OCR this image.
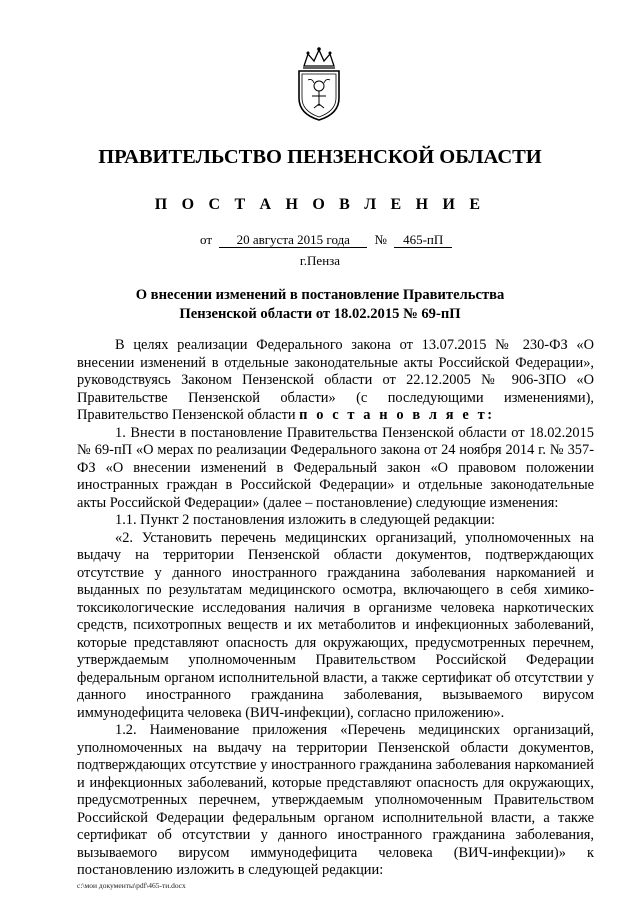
ПРАВИТЕЛЬСТВО ПЕНЗЕНСКОЙ ОБЛАСТИ
П О С Т А Н О В Л Е Н И Е
от 20 августа 2015 года № 465-пП
г.Пенза
О внесении изменений в постановление Правительства
Пензенской области от 18.02.2015 № 69-пП

В целях реализации Федерального закона от 13.07.2015 № 230-ФЗ «О внесении изменений в отдельные законодательные акты Российской Федерации», руководствуясь Законом Пензенской области от 22.12.2005 № 906-ЗПО «О Правительстве Пензенской области» (с последующими изменениями), Правительство Пензенской области п о с т а н о в л я е т:

1. Внести в постановление Правительства Пензенской области от 18.02.2015 № 69-пП «О мерах по реализации Федерального закона от 24 ноября 2014 г. № 357-ФЗ «О внесении изменений в Федеральный закон «О правовом положении иностранных граждан в Российской Федерации» и отдельные законодательные акты Российской Федерации» (далее – постановление) следующие изменения:

1.1. Пункт 2 постановления изложить в следующей редакции:

«2. Установить перечень медицинских организаций, уполномоченных на выдачу на территории Пензенской области документов, подтверждающих отсутствие у данного иностранного гражданина заболевания наркоманией и выданных по результатам медицинского осмотра, включающего в себя химико-токсикологические исследования наличия в организме человека наркотических средств, психотропных веществ и их метаболитов и инфекционных заболеваний, которые представляют опасность для окружающих, предусмотренных перечнем, утверждаемым уполномоченным Правительством Российской Федерации федеральным органом исполнительной власти, а также сертификат об отсутствии у данного иностранного гражданина заболевания, вызываемого вирусом иммунодефицита человека (ВИЧ-инфекции), согласно приложению».

1.2. Наименование приложения «Перечень медицинских организаций, уполномоченных на выдачу на территории Пензенской области документов, подтверждающих отсутствие у иностранного гражданина заболевания наркоманией и инфекционных заболеваний, которые представляют опасность для окружающих, предусмотренных перечнем, утверждаемым уполномоченным Правительством Российской Федерации федеральным органом исполнительной власти, а также сертификат об отсутствии у данного иностранного гражданина заболевания, вызываемого вирусом иммунодефицита человека (ВИЧ-инфекции)» к постановлению изложить в следующей редакции:

c:\мои документы\pdf\465-ти.docx
